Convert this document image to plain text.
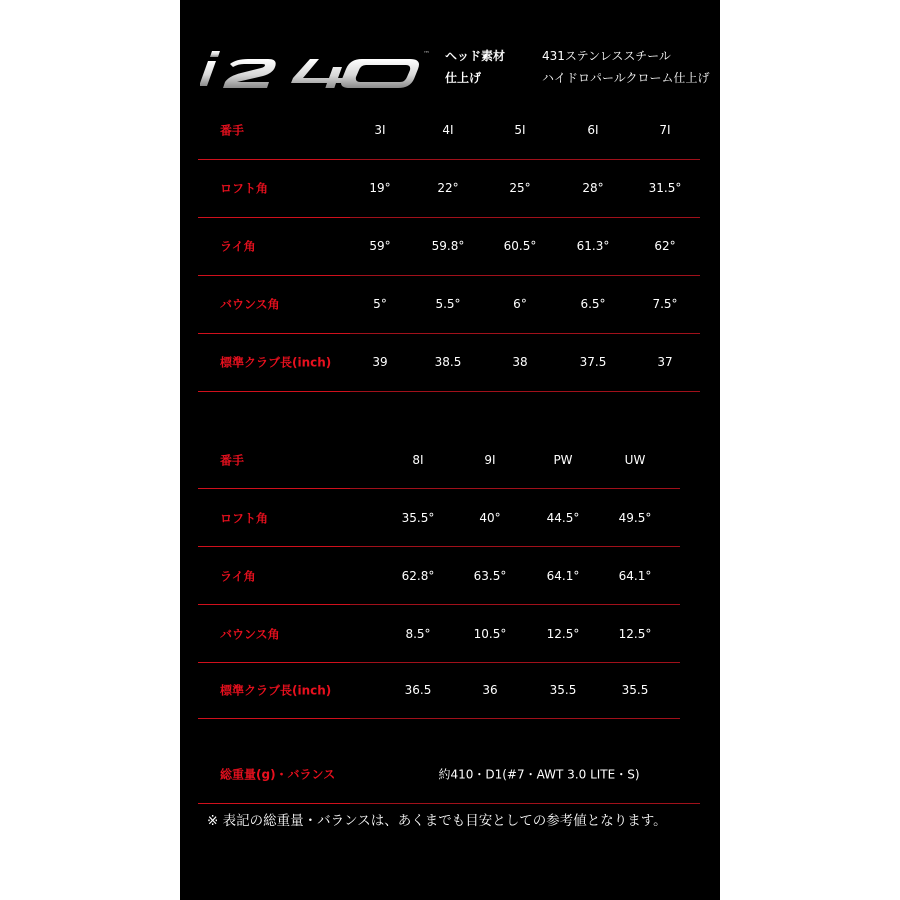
™ ヘッド素材	431ステンレススチール
仕上げ	ハイドロパールクローム仕上げ
番手	3I	4I	5I	6I	7I
ロフト角	19°	22°	25°	28°	31.5°
ライ角	59°	59.8°	60.5°	61.3°	62°
バウンス角	5°	5.5°	6°	6.5°	7.5°
標準クラブ長(inch)	39	38.5	38	37.5	37
番手	8I	9I	PW	UW
ロフト角	35.5°	40°	44.5°	49.5°
ライ角	62.8°	63.5°	64.1°	64.1°
バウンス角	8.5°	10.5°	12.5°	12.5°
標準クラブ長(inch)	36.5	36	35.5	35.5
総重量(g)・バランス	約410・D1(#7・AWT 3.0 LITE・S)
※ 表記の総重量・バランスは、あくまでも目安としての参考値となります。
